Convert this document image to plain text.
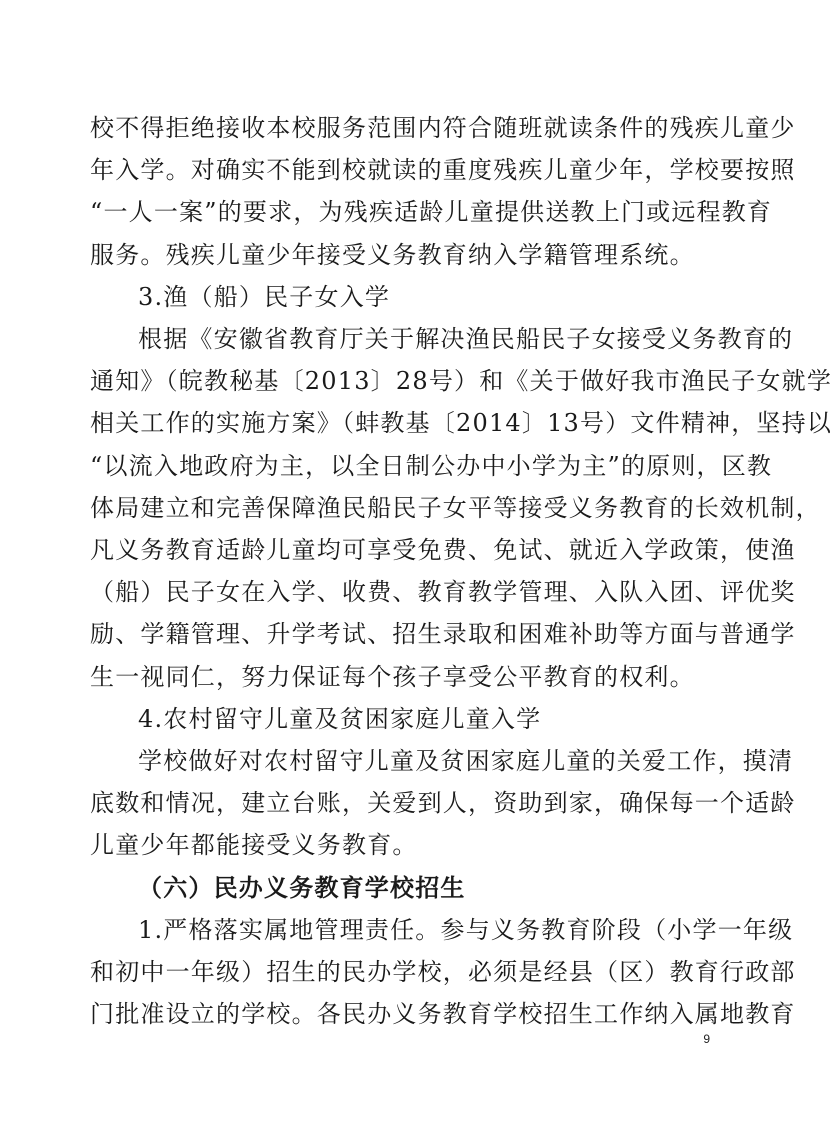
校不得拒绝接收本校服务范围内符合随班就读条件的残疾儿童少
年入学。对确实不能到校就读的重度残疾儿童少年，学校要按照
“一人一案”的要求，为残疾适龄儿童提供送教上门或远程教育
服务。残疾儿童少年接受义务教育纳入学籍管理系统。
3.渔（船）民子女入学
根据《安徽省教育厅关于解决渔民船民子女接受义务教育的
通知》（皖教秘基〔2013〕28号）和《关于做好我市渔民子女就学
相关工作的实施方案》（蚌教基〔2014〕13号）文件精神，坚持以
“以流入地政府为主，以全日制公办中小学为主”的原则，区教
体局建立和完善保障渔民船民子女平等接受义务教育的长效机制，
凡义务教育适龄儿童均可享受免费、免试、就近入学政策，使渔
（船）民子女在入学、收费、教育教学管理、入队入团、评优奖
励、学籍管理、升学考试、招生录取和困难补助等方面与普通学
生一视同仁，努力保证每个孩子享受公平教育的权利。
4.农村留守儿童及贫困家庭儿童入学
学校做好对农村留守儿童及贫困家庭儿童的关爱工作，摸清
底数和情况，建立台账，关爱到人，资助到家，确保每一个适龄
儿童少年都能接受义务教育。
（六）民办义务教育学校招生
1.严格落实属地管理责任。参与义务教育阶段（小学一年级
和初中一年级）招生的民办学校，必须是经县（区）教育行政部
门批准设立的学校。各民办义务教育学校招生工作纳入属地教育
9
